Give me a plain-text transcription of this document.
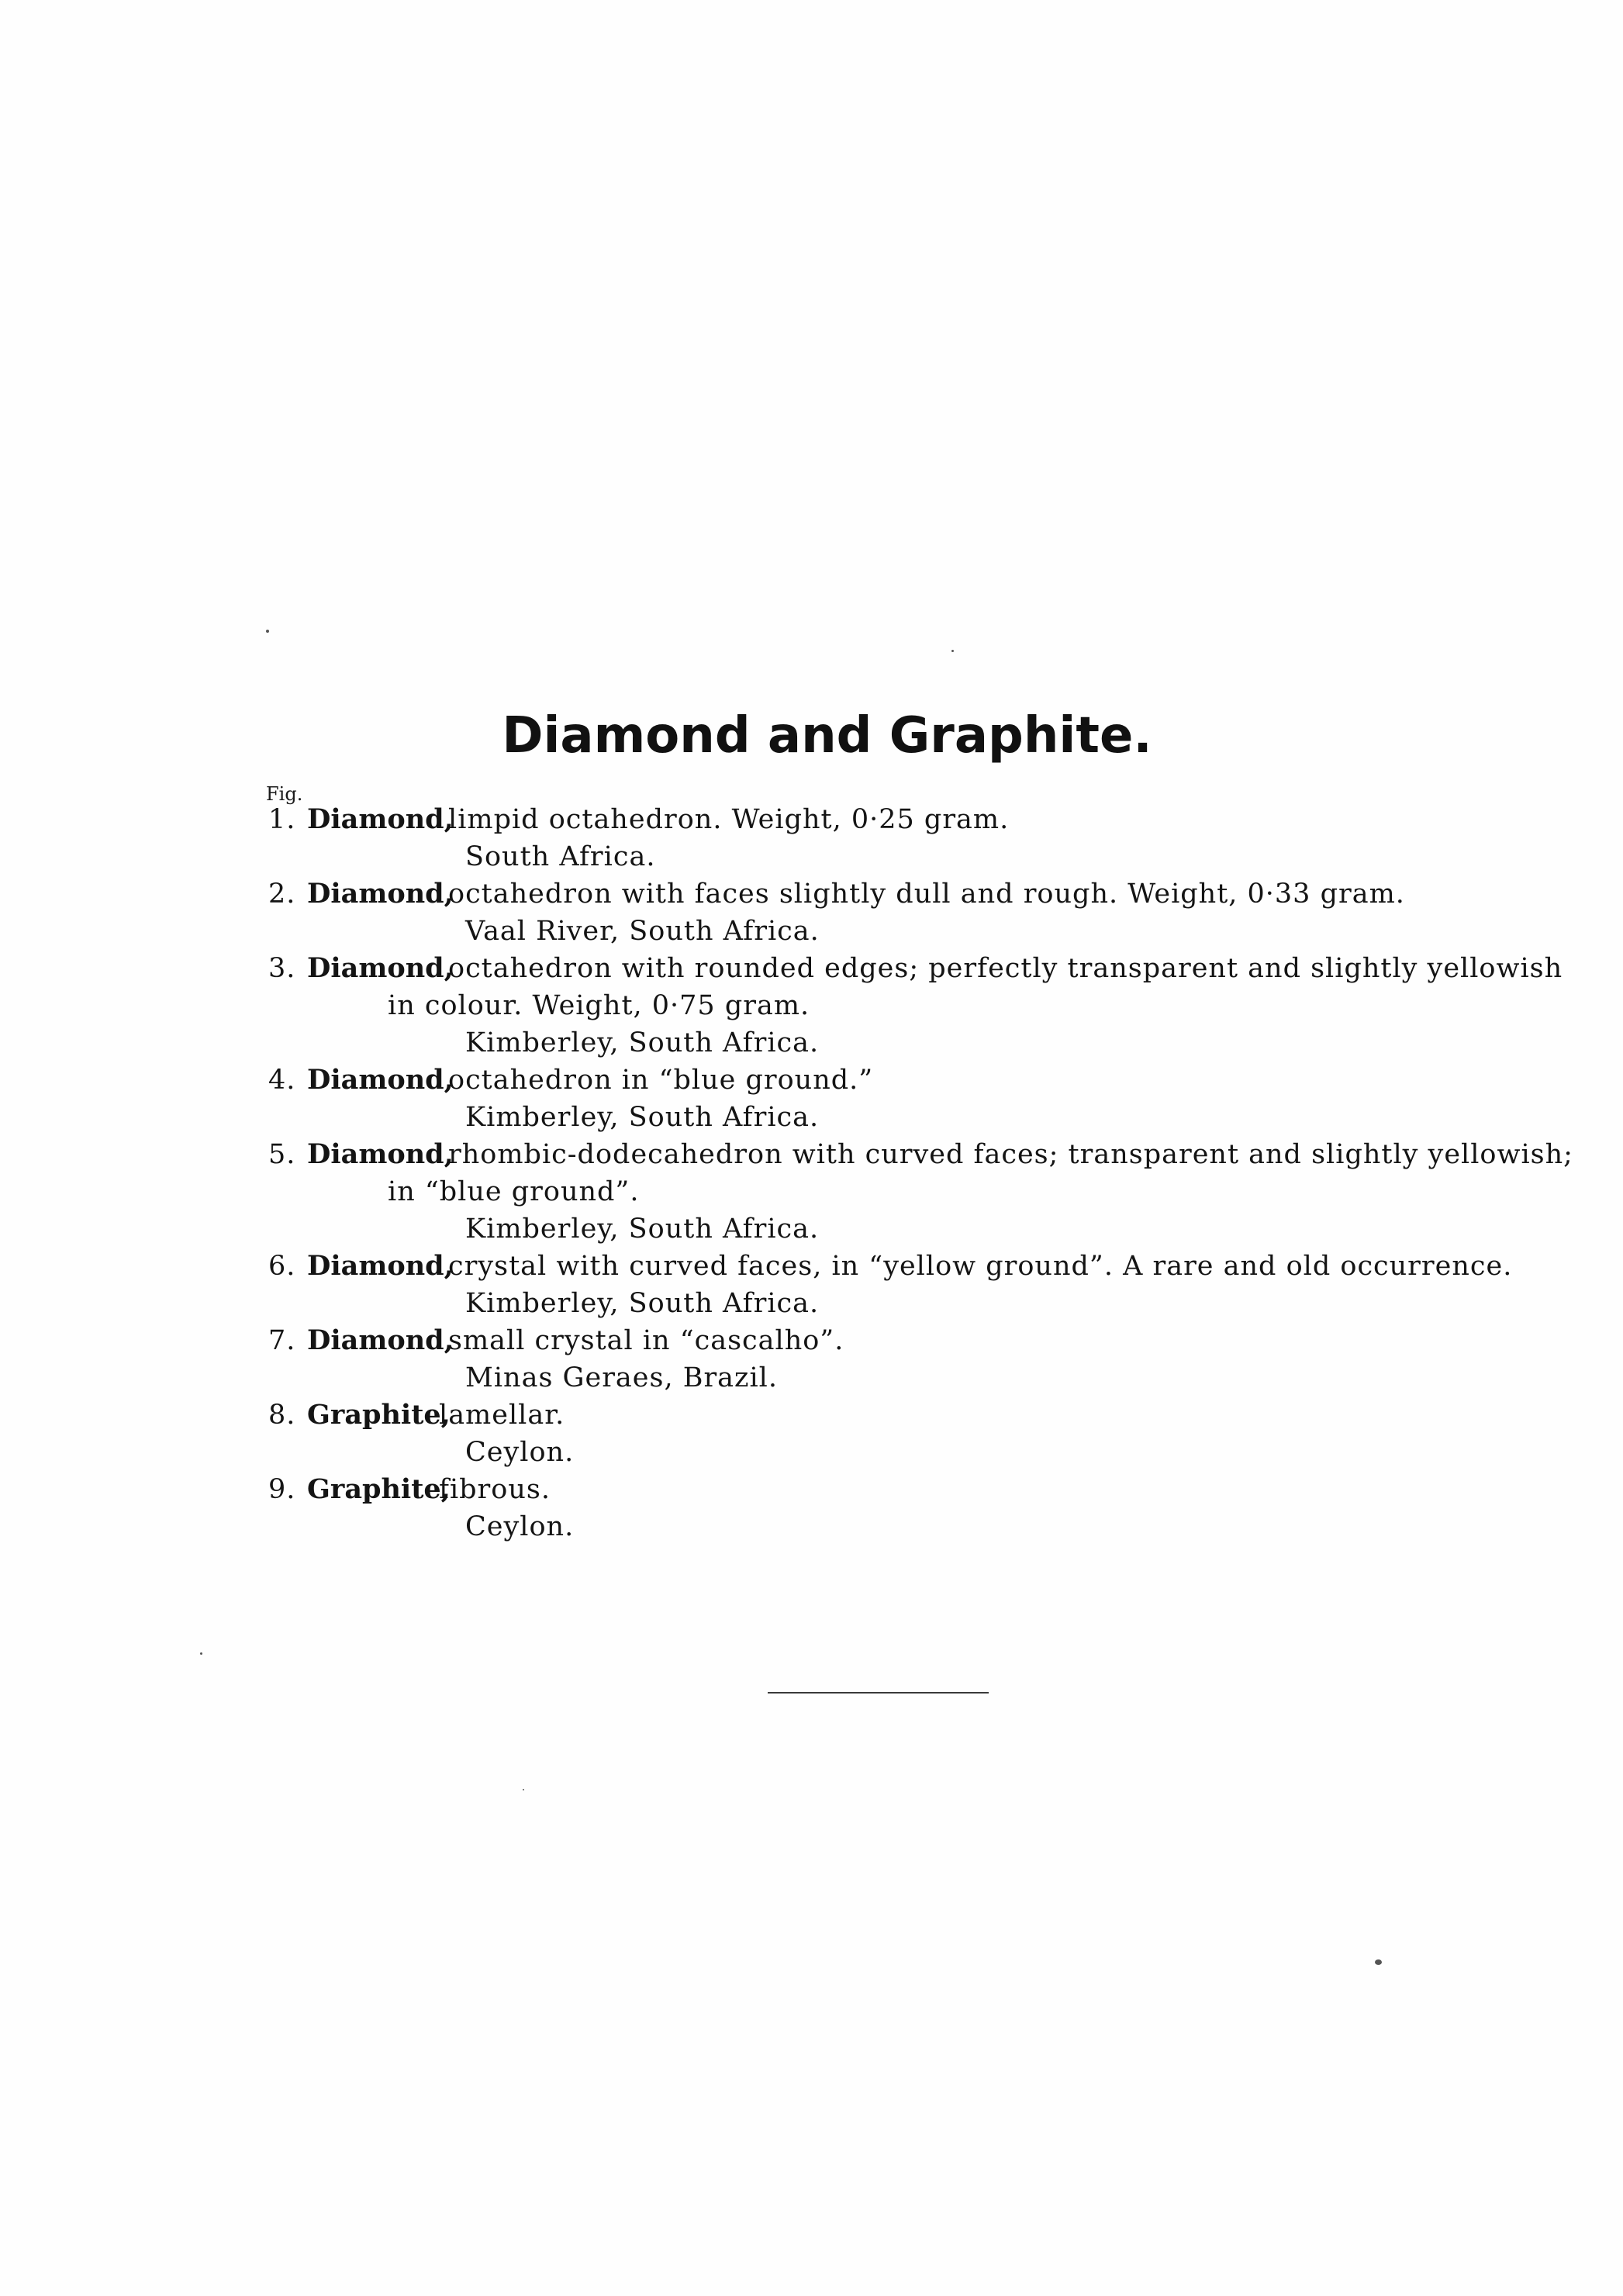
Diamond and Graphite.
Fig.
1. Diamond,
limpid octahedron. Weight, 0·25 gram.
South Africa.
2. Diamond,
octahedron with faces slightly dull and rough. Weight, 0·33 gram.
Vaal River, South Africa.
3. Diamond,
octahedron with rounded edges; perfectly transparent and slightly yellowish
in colour. Weight, 0·75 gram.
Kimberley, South Africa.
4. Diamond,
octahedron in “blue ground.”
Kimberley, South Africa.
5. Diamond,
rhombic-dodecahedron with curved faces; transparent and slightly yellowish;
in “blue ground”.
Kimberley, South Africa.
6. Diamond,
crystal with curved faces, in “yellow ground”. A rare and old occurrence.
Kimberley, South Africa.
7. Diamond,
small crystal in “cascalho”.
Minas Geraes, Brazil.
8. Graphite,
lamellar.
Ceylon.
9. Graphite,
fibrous.
Ceylon.
